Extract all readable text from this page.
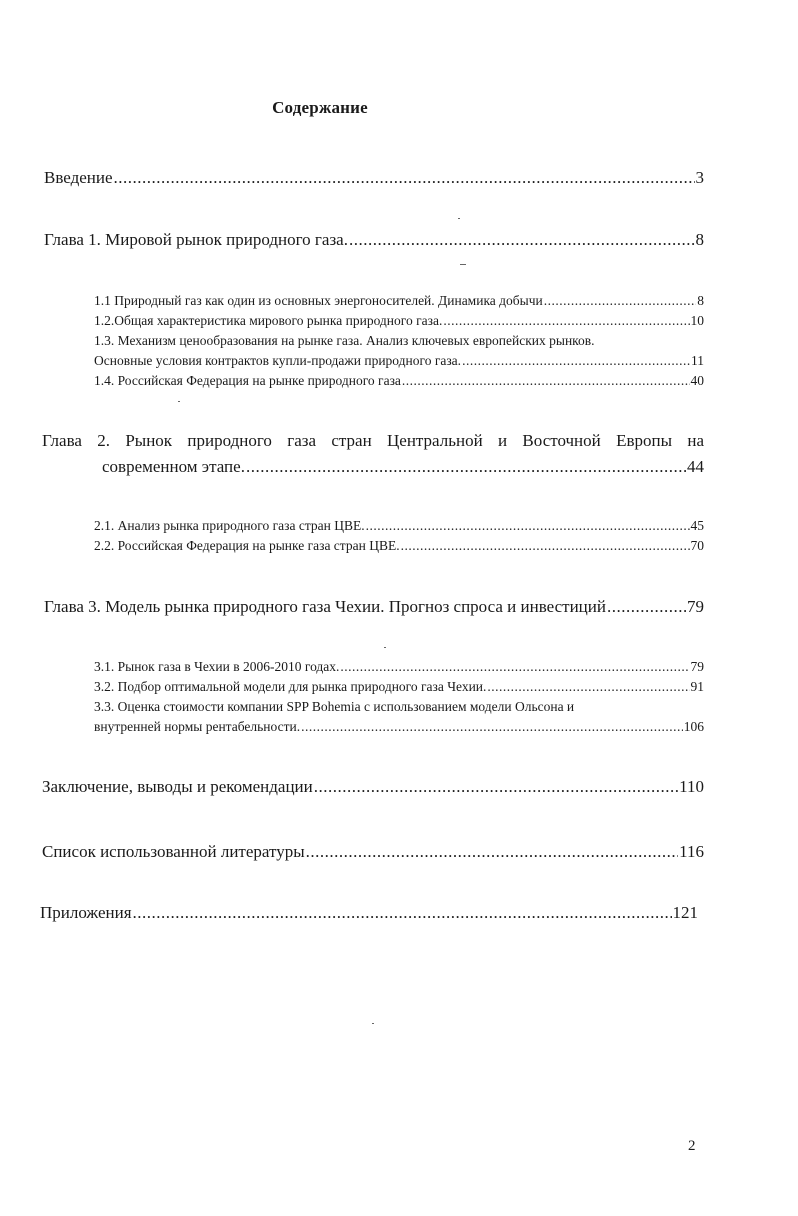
Содержание
Введение .....	3
Глава 1. Мировой рынок природного газа. .....	8
1.1 Природный газ как один из основных энергоносителей. Динамика добычи .....	8
1.2.Общая характеристика мирового рынка природного газа. .....	10
1.3. Механизм ценообразования на рынке газа. Анализ ключевых европейских рынков.
Основные условия контрактов купли-продажи природного газа. .....	11
1.4. Российская Федерация на рынке природного газа .....	40
Глава 2. Рынок природного газа стран Центральной и Восточной Европы на
современном этапе. .....	44
2.1. Анализ рынка природного газа стран ЦВЕ. .....	45
2.2. Российская Федерация на рынке газа стран ЦВЕ. .....	70
Глава 3. Модель рынка природного газа Чехии. Прогноз спроса и инвестиций .....	79
3.1. Рынок газа в Чехии в 2006-2010 годах. .....	79
3.2. Подбор оптимальной модели для рынка природного газа Чехии. .....	91
3.3. Оценка стоимости компании SPP Bohemia с использованием модели Ольсона и
внутренней нормы рентабельности. .....	106
Заключение, выводы и рекомендации .....	110
Список использованной литературы .....	116
Приложения .....	121
2
